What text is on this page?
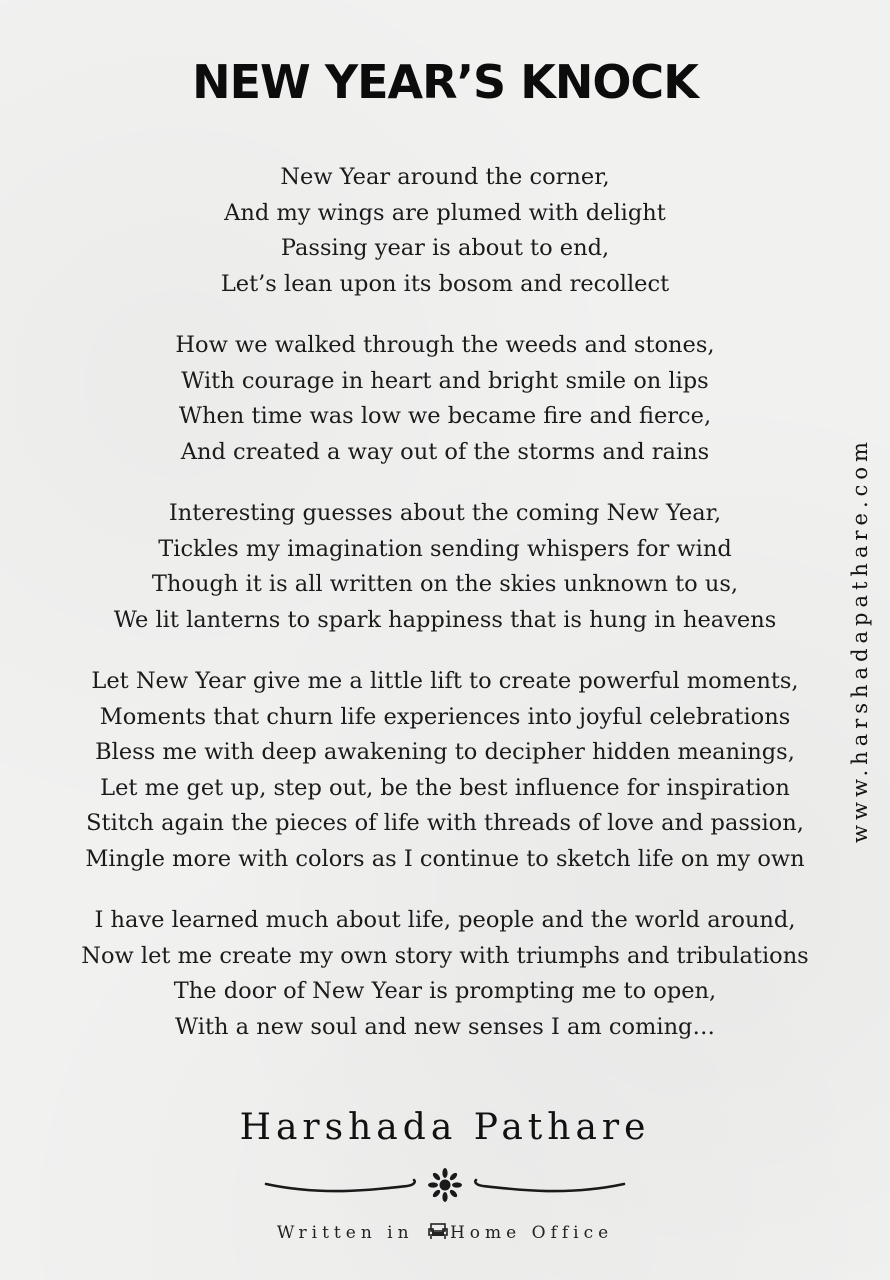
NEW YEAR’S KNOCK
New Year around the corner,
And my wings are plumed with delight
Passing year is about to end,
Let’s lean upon its bosom and recollect
How we walked through the weeds and stones,
With courage in heart and bright smile on lips
When time was low we became fire and fierce,
And created a way out of the storms and rains
Interesting guesses about the coming New Year,
Tickles my imagination sending whispers for wind
Though it is all written on the skies unknown to us,
We lit lanterns to spark happiness that is hung in heavens
Let New Year give me a little lift to create powerful moments,
Moments that churn life experiences into joyful celebrations
Bless me with deep awakening to decipher hidden meanings,
Let me get up, step out, be the best influence for inspiration
Stitch again the pieces of life with threads of love and passion,
Mingle more with colors as I continue to sketch life on my own
I have learned much about life, people and the world around,
Now let me create my own story with triumphs and tribulations
The door of New Year is prompting me to open,
With a new soul and new senses I am coming…
Harshada Pathare
Written in Home Office
www.harshadapathare.com
